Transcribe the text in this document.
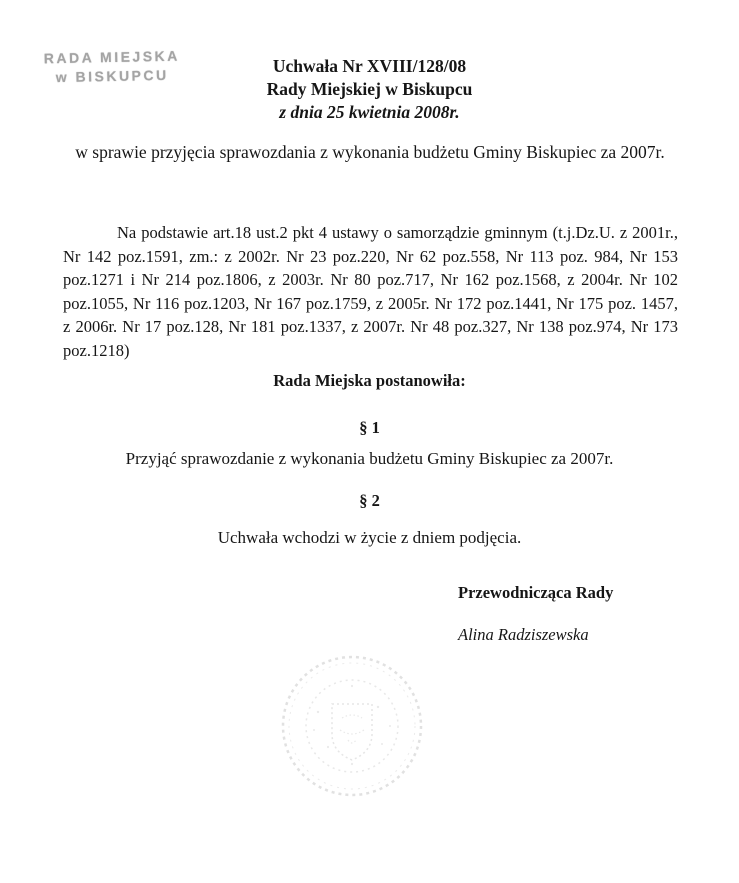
RADA MIEJSKA
w BISKUPCU	Uchwała Nr XVIII/128/08
Rady Miejskiej w Biskupcu
z dnia 25 kwietnia 2008r.
w sprawie przyjęcia sprawozdania z wykonania budżetu Gminy Biskupiec za 2007r.
Na podstawie art.18 ust.2 pkt 4 ustawy o samorządzie gminnym (t.j.Dz.U. z 2001r., Nr 142 poz.1591, zm.: z 2002r. Nr 23 poz.220, Nr 62 poz.558, Nr 113 poz. 984, Nr 153 poz.1271 i Nr 214 poz.1806, z 2003r. Nr 80 poz.717, Nr 162 poz.1568, z 2004r. Nr 102 poz.1055, Nr 116 poz.1203, Nr 167 poz.1759, z 2005r. Nr 172 poz.1441, Nr 175 poz. 1457, z 2006r. Nr 17 poz.128, Nr 181 poz.1337, z 2007r. Nr 48 poz.327, Nr 138 poz.974, Nr 173 poz.1218)
Rada Miejska postanowiła:
§ 1
Przyjąć sprawozdanie z wykonania budżetu Gminy Biskupiec za 2007r.
§ 2
Uchwała wchodzi w życie z dniem podjęcia.
Przewodnicząca Rady
Alina Radziszewska
